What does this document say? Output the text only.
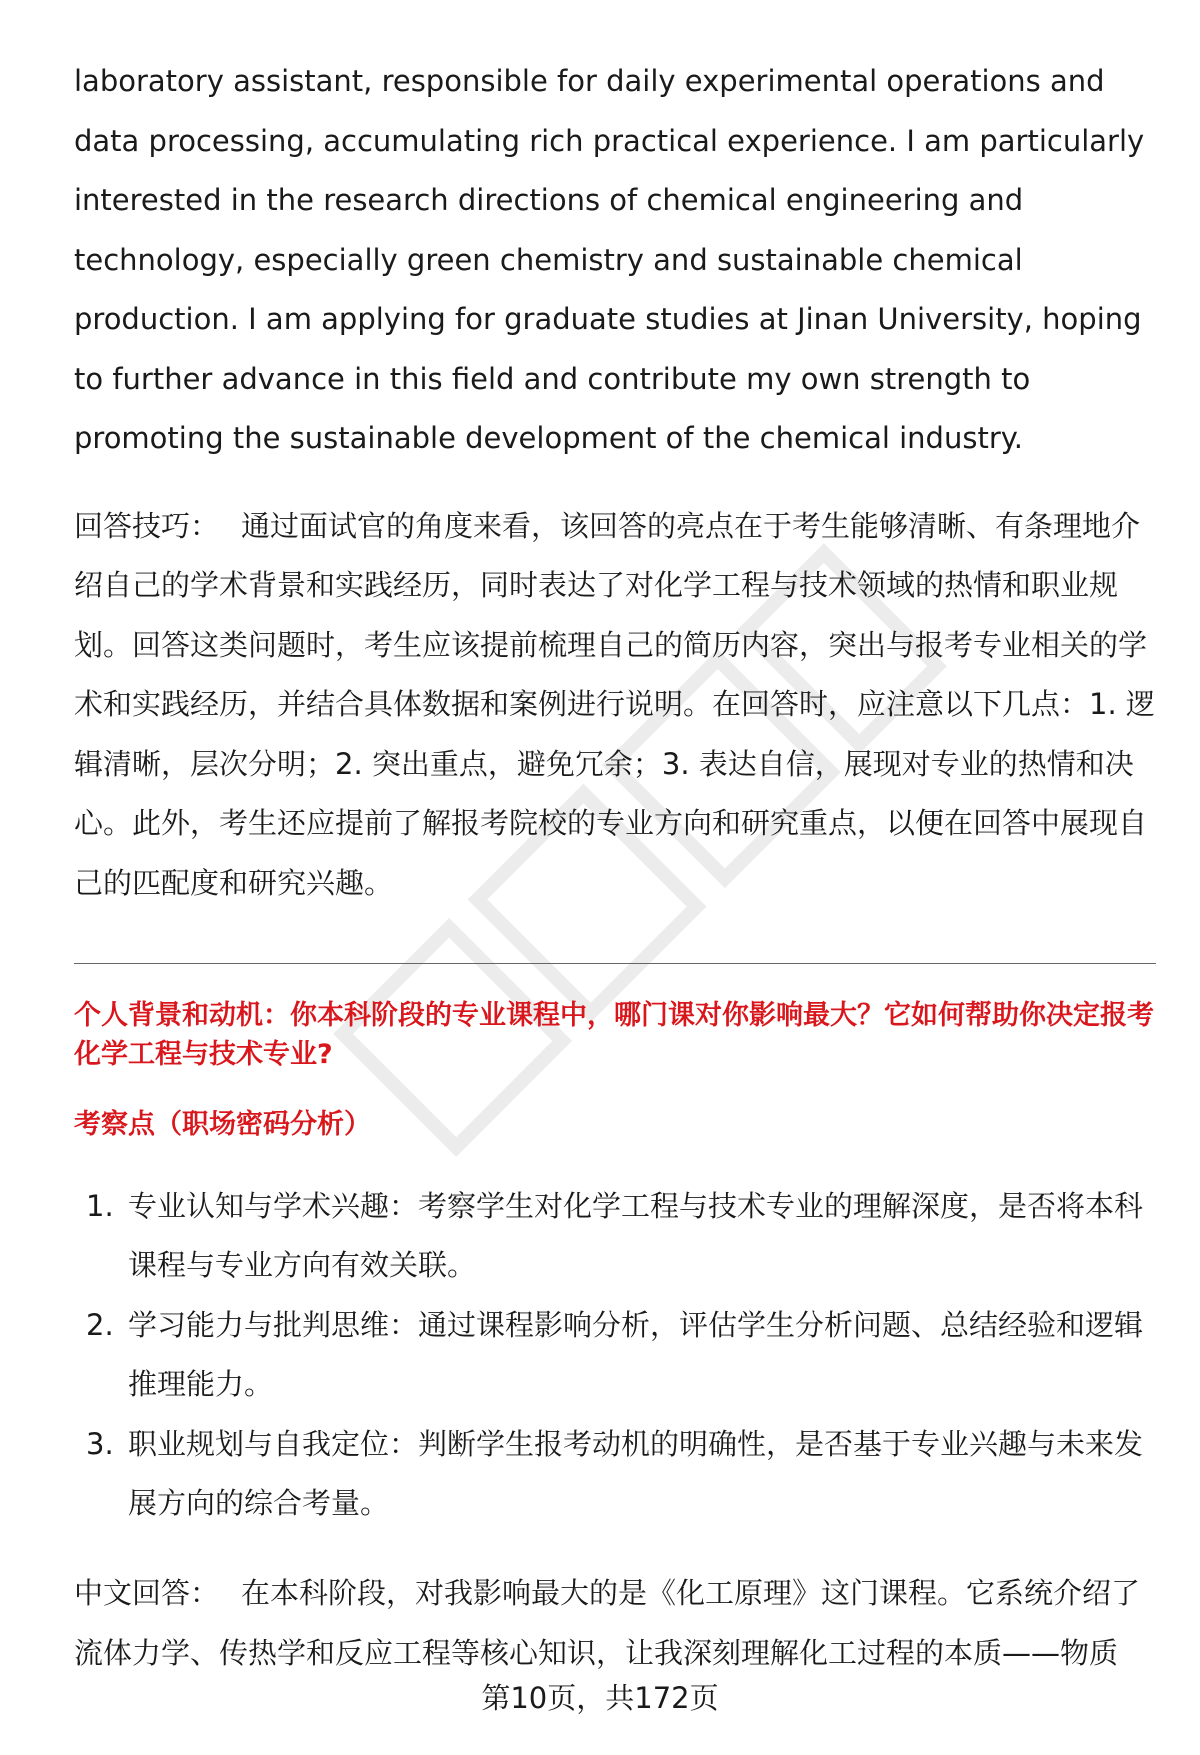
laboratory assistant, responsible for daily experimental operations and data processing, accumulating rich practical experience. I am particularly interested in the research directions of chemical engineering and technology, especially green chemistry and sustainable chemical production. I am applying for graduate studies at Jinan University, hoping to further advance in this field and contribute my own strength to promoting the sustainable development of the chemical industry.

回答技巧： 通过面试官的角度来看，该回答的亮点在于考生能够清晰、有条理地介绍自己的学术背景和实践经历，同时表达了对化学工程与技术领域的热情和职业规划。回答这类问题时，考生应该提前梳理自己的简历内容，突出与报考专业相关的学术和实践经历，并结合具体数据和案例进行说明。在回答时，应注意以下几点：1. 逻辑清晰，层次分明；2. 突出重点，避免冗余；3. 表达自信，展现对专业的热情和决心。此外，考生还应提前了解报考院校的专业方向和研究重点，以便在回答中展现自己的匹配度和研究兴趣。

个人背景和动机：你本科阶段的专业课程中，哪门课对你影响最大？它如何帮助你决定报考化学工程与技术专业?

考察点（职场密码分析）

1. 专业认知与学术兴趣：考察学生对化学工程与技术专业的理解深度，是否将本科课程与专业方向有效关联。
2. 学习能力与批判思维：通过课程影响分析，评估学生分析问题、总结经验和逻辑推理能力。
3. 职业规划与自我定位：判断学生报考动机的明确性，是否基于专业兴趣与未来发展方向的综合考量。

中文回答： 在本科阶段，对我影响最大的是《化工原理》这门课程。它系统介绍了流体力学、传热学和反应工程等核心知识，让我深刻理解化工过程的本质——物质

第10页，共172页
